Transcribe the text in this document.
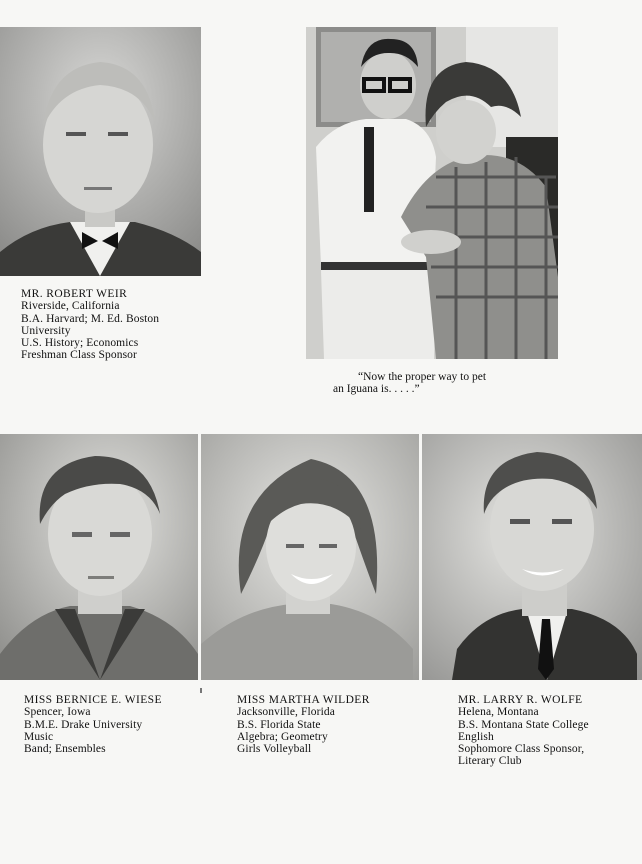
MR. ROBERT WEIR
Riverside, California
B.A. Harvard; M. Ed. Boston
University
U.S. History; Economics
Freshman Class Sponsor
“Now the proper way to pet
an Iguana is. . . . .”
MISS BERNICE E. WIESE
Spencer, Iowa
B.M.E. Drake University
Music
Band; Ensembles
MISS MARTHA WILDER
Jacksonville, Florida
B.S. Florida State
Algebra; Geometry
Girls Volleyball
MR. LARRY R. WOLFE
Helena, Montana
B.S. Montana State College
English
Sophomore Class Sponsor,
Literary Club
